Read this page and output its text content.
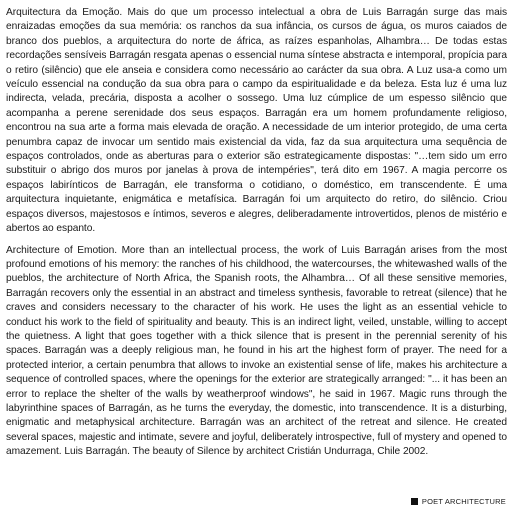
Arquitectura da Emoção. Mais do que um processo intelectual a obra de Luis Barragán surge das mais enraizadas emoções da sua memória: os ranchos da sua infância, os cursos de água, os muros caiados de branco dos pueblos, a arquitectura do norte de áfrica, as raízes espanholas, Alhambra… De todas estas recordações sensíveis Barragán resgata apenas o essencial numa síntese abstracta e intemporal, propícia para o retiro (silêncio) que ele anseia e considera como necessário ao carácter da sua obra. A Luz usa-a como um veículo essencial na condução da sua obra para o campo da espiritualidade e da beleza. Esta luz é uma luz indirecta, velada, precária, disposta a acolher o sossego. Uma luz cúmplice de um espesso silêncio que acompanha a perene serenidade dos seus espaços. Barragán era um homem profundamente religioso, encontrou na sua arte a forma mais elevada de oração. A necessidade de um interior protegido, de uma certa penumbra capaz de invocar um sentido mais existencial da vida, faz da sua arquitectura uma sequência de espaços controlados, onde as aberturas para o exterior são estrategicamente dispostas: "…tem sido um erro substituir o abrigo dos muros por janelas à prova de intempéries", terá dito em 1967. A magia percorre os espaços labirínticos de Barragán, ele transforma o cotidiano, o doméstico, em transcendente. É uma arquitectura inquietante, enigmática e metafísica. Barragán foi um arquitecto do retiro, do silêncio. Criou espaços diversos, majestosos e íntimos, severos e alegres, deliberadamente introvertidos, plenos de mistério e abertos ao espanto.

Architecture of Emotion. More than an intellectual process, the work of Luis Barragán arises from the most profound emotions of his memory: the ranches of his childhood, the watercourses, the whitewashed walls of the pueblos, the architecture of North Africa, the Spanish roots, the Alhambra… Of all these sensitive memories, Barragán recovers only the essential in an abstract and timeless synthesis, favorable to retreat (silence) that he craves and considers necessary to the character of his work. He uses the light as an essential vehicle to conduct his work to the field of spirituality and beauty. This is an indirect light, veiled, unstable, willing to accept the quietness. A light that goes together with a thick silence that is present in the perennial serenity of his spaces. Barragán was a deeply religious man, he found in his art the highest form of prayer. The need for a protected interior, a certain penumbra that allows to invoke an existential sense of life, makes his architecture a sequence of controlled spaces, where the openings for the exterior are strategically arranged: "... it has been an error to replace the shelter of the walls by weatherproof windows", he said in 1967. Magic runs through the labyrinthine spaces of Barragán, as he turns the everyday, the domestic, into transcendence. It is a disturbing, enigmatic and metaphysical architecture. Barragán was an architect of the retreat and silence. He created several spaces, majestic and intimate, severe and joyful, deliberately introspective, full of mystery and opened to amazement. Luis Barragán. The beauty of Silence by architect Cristián Undurraga, Chile 2002.

POET ARCHITECTURE
